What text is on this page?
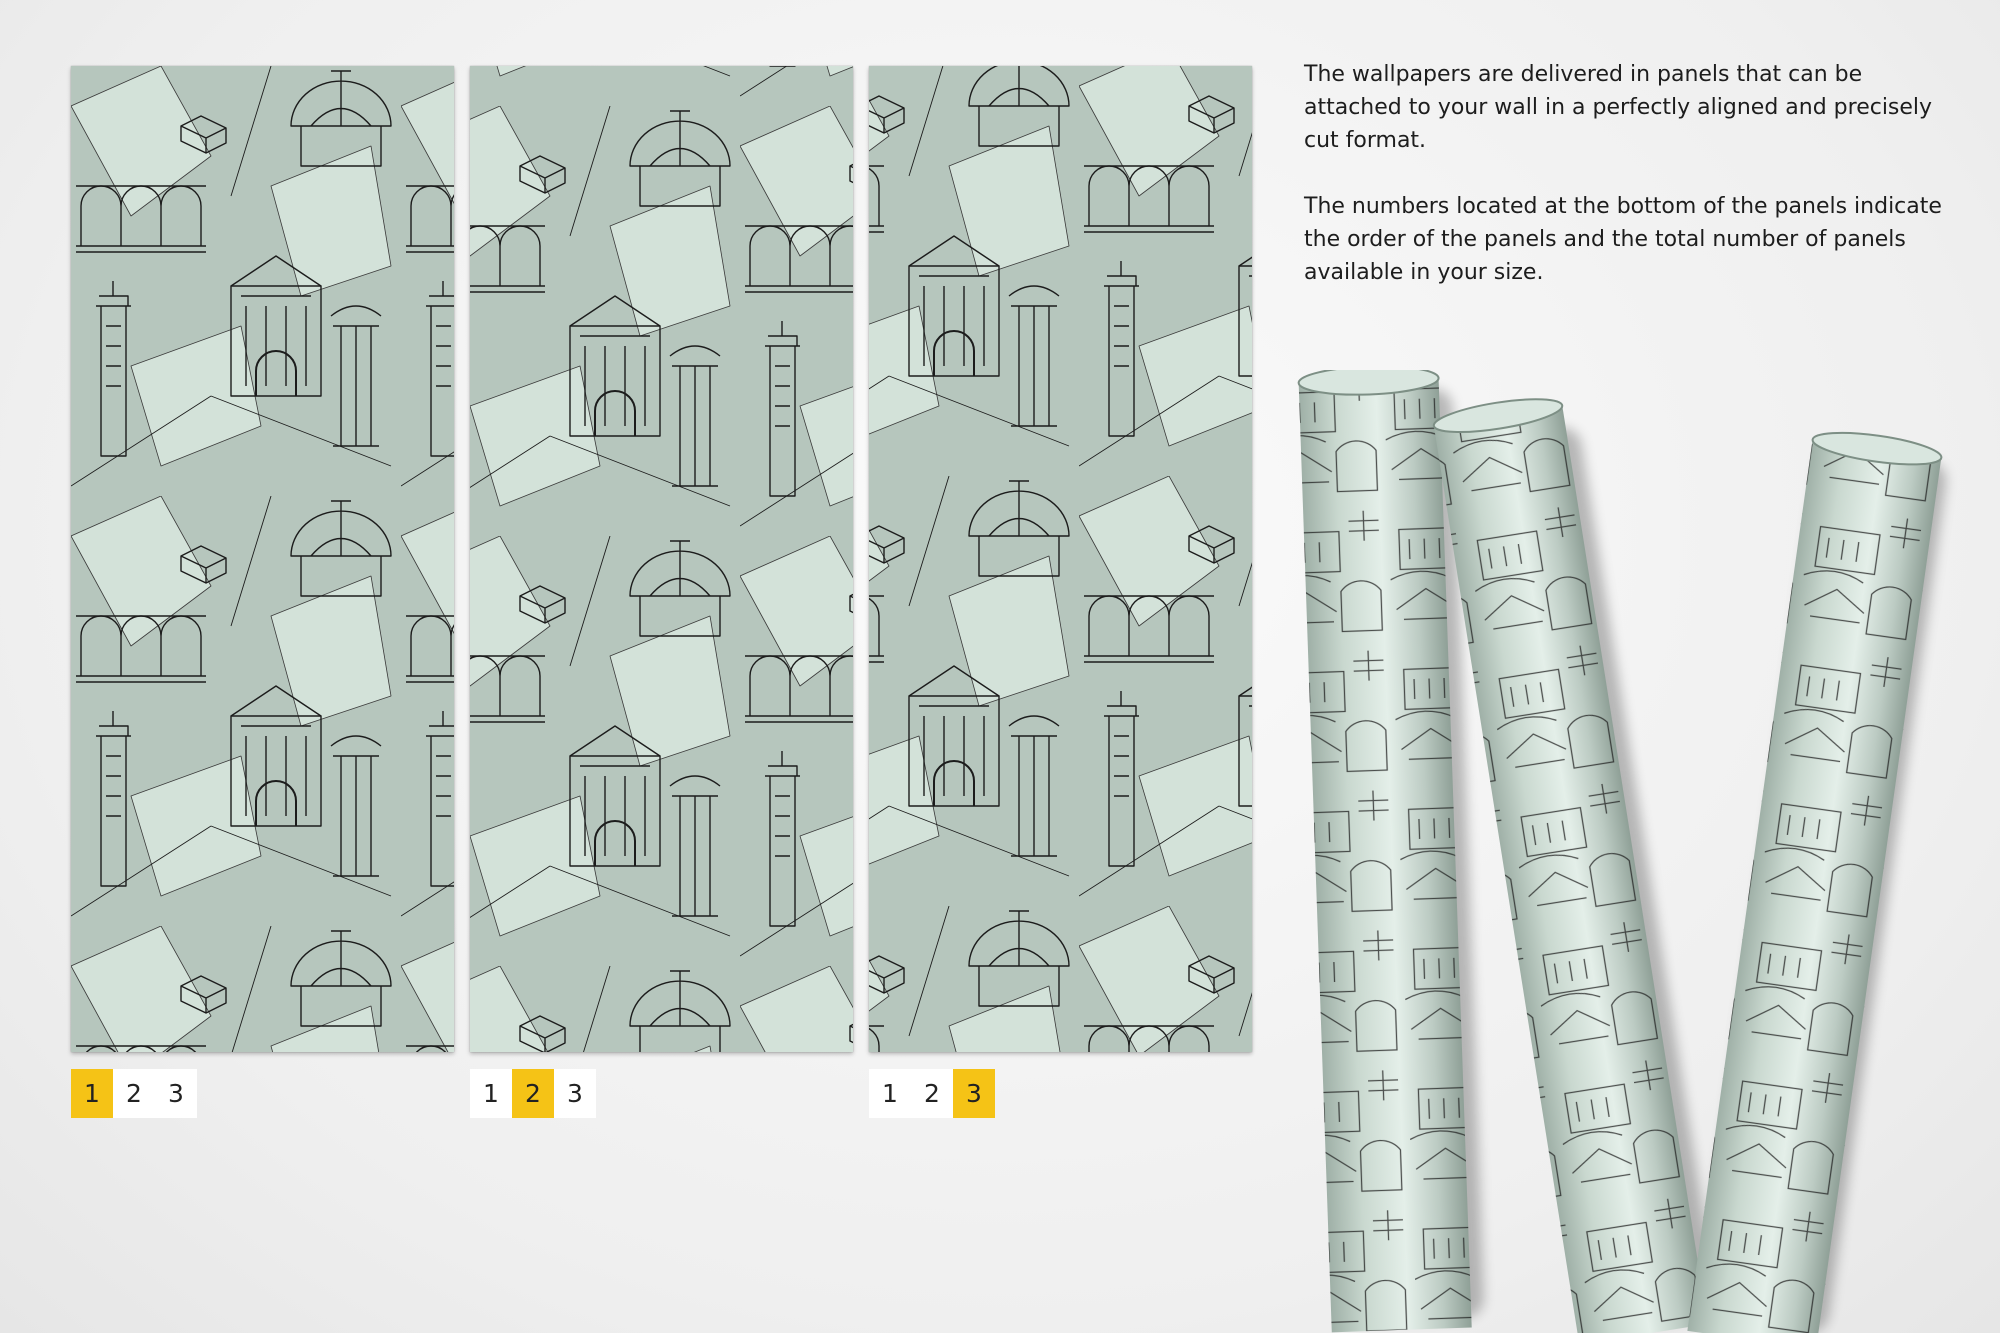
1	2	3	1	2	3	1	2	3

The wallpapers are delivered in panels that can be attached to your wall in a perfectly aligned and precisely cut format.

The numbers located at the bottom of the panels indicate the order of the panels and the total number of panels available in your size.
